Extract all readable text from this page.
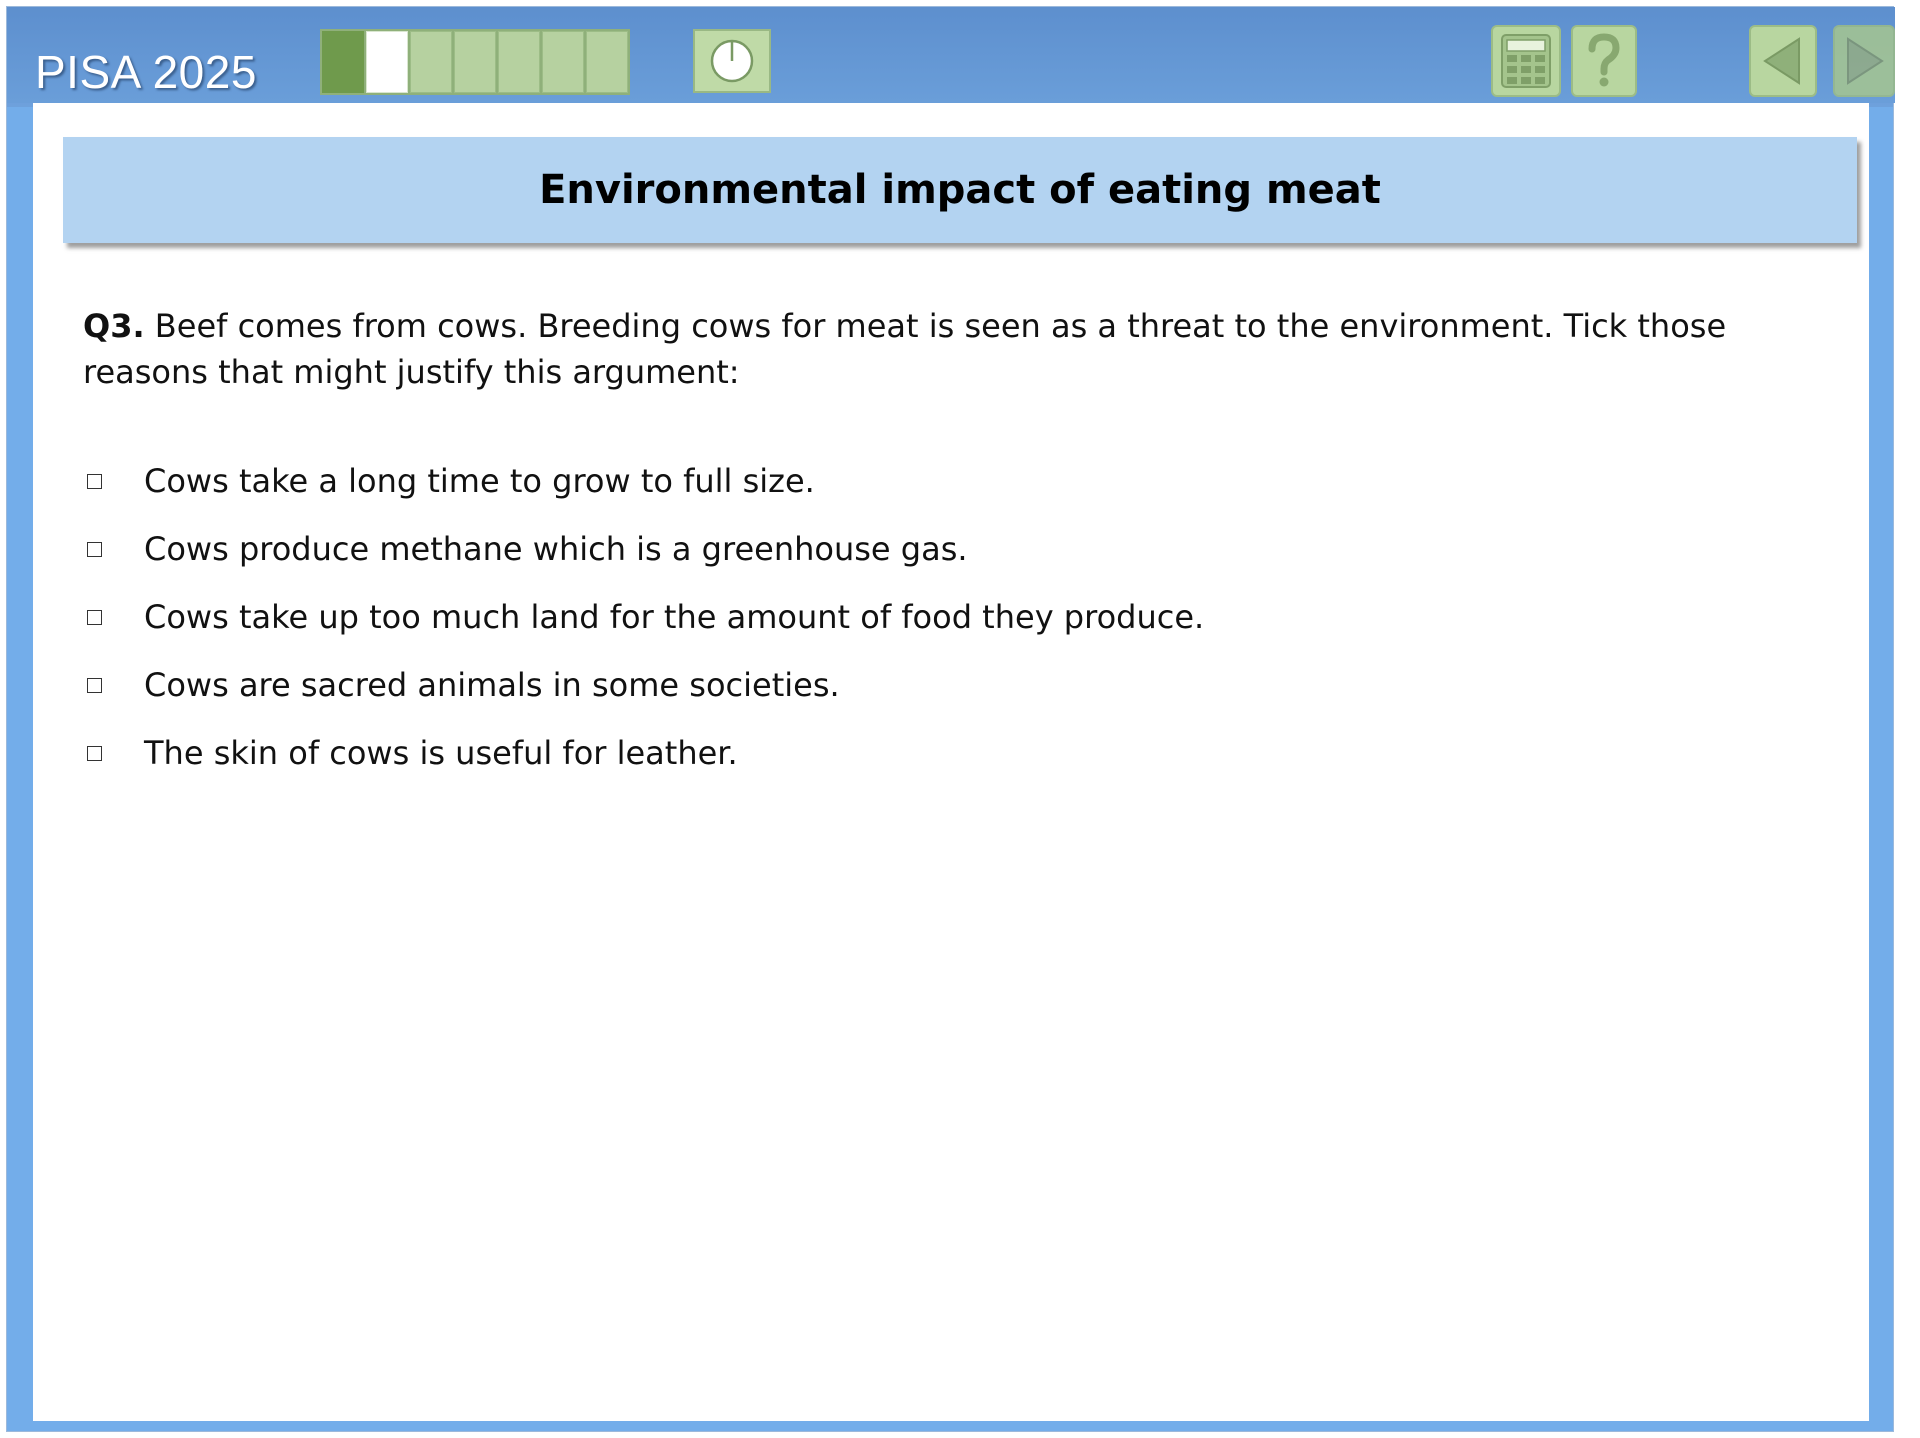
PISA 2025
Environmental impact of eating meat
Q3. Beef comes from cows. Breeding cows for meat is seen as a threat to the environment. Tick those reasons that might justify this argument:
Cows take a long time to grow to full size.
Cows produce methane which is a greenhouse gas.
Cows take up too much land for the amount of food they produce.
Cows are sacred animals in some societies.
The skin of cows is useful for leather.
